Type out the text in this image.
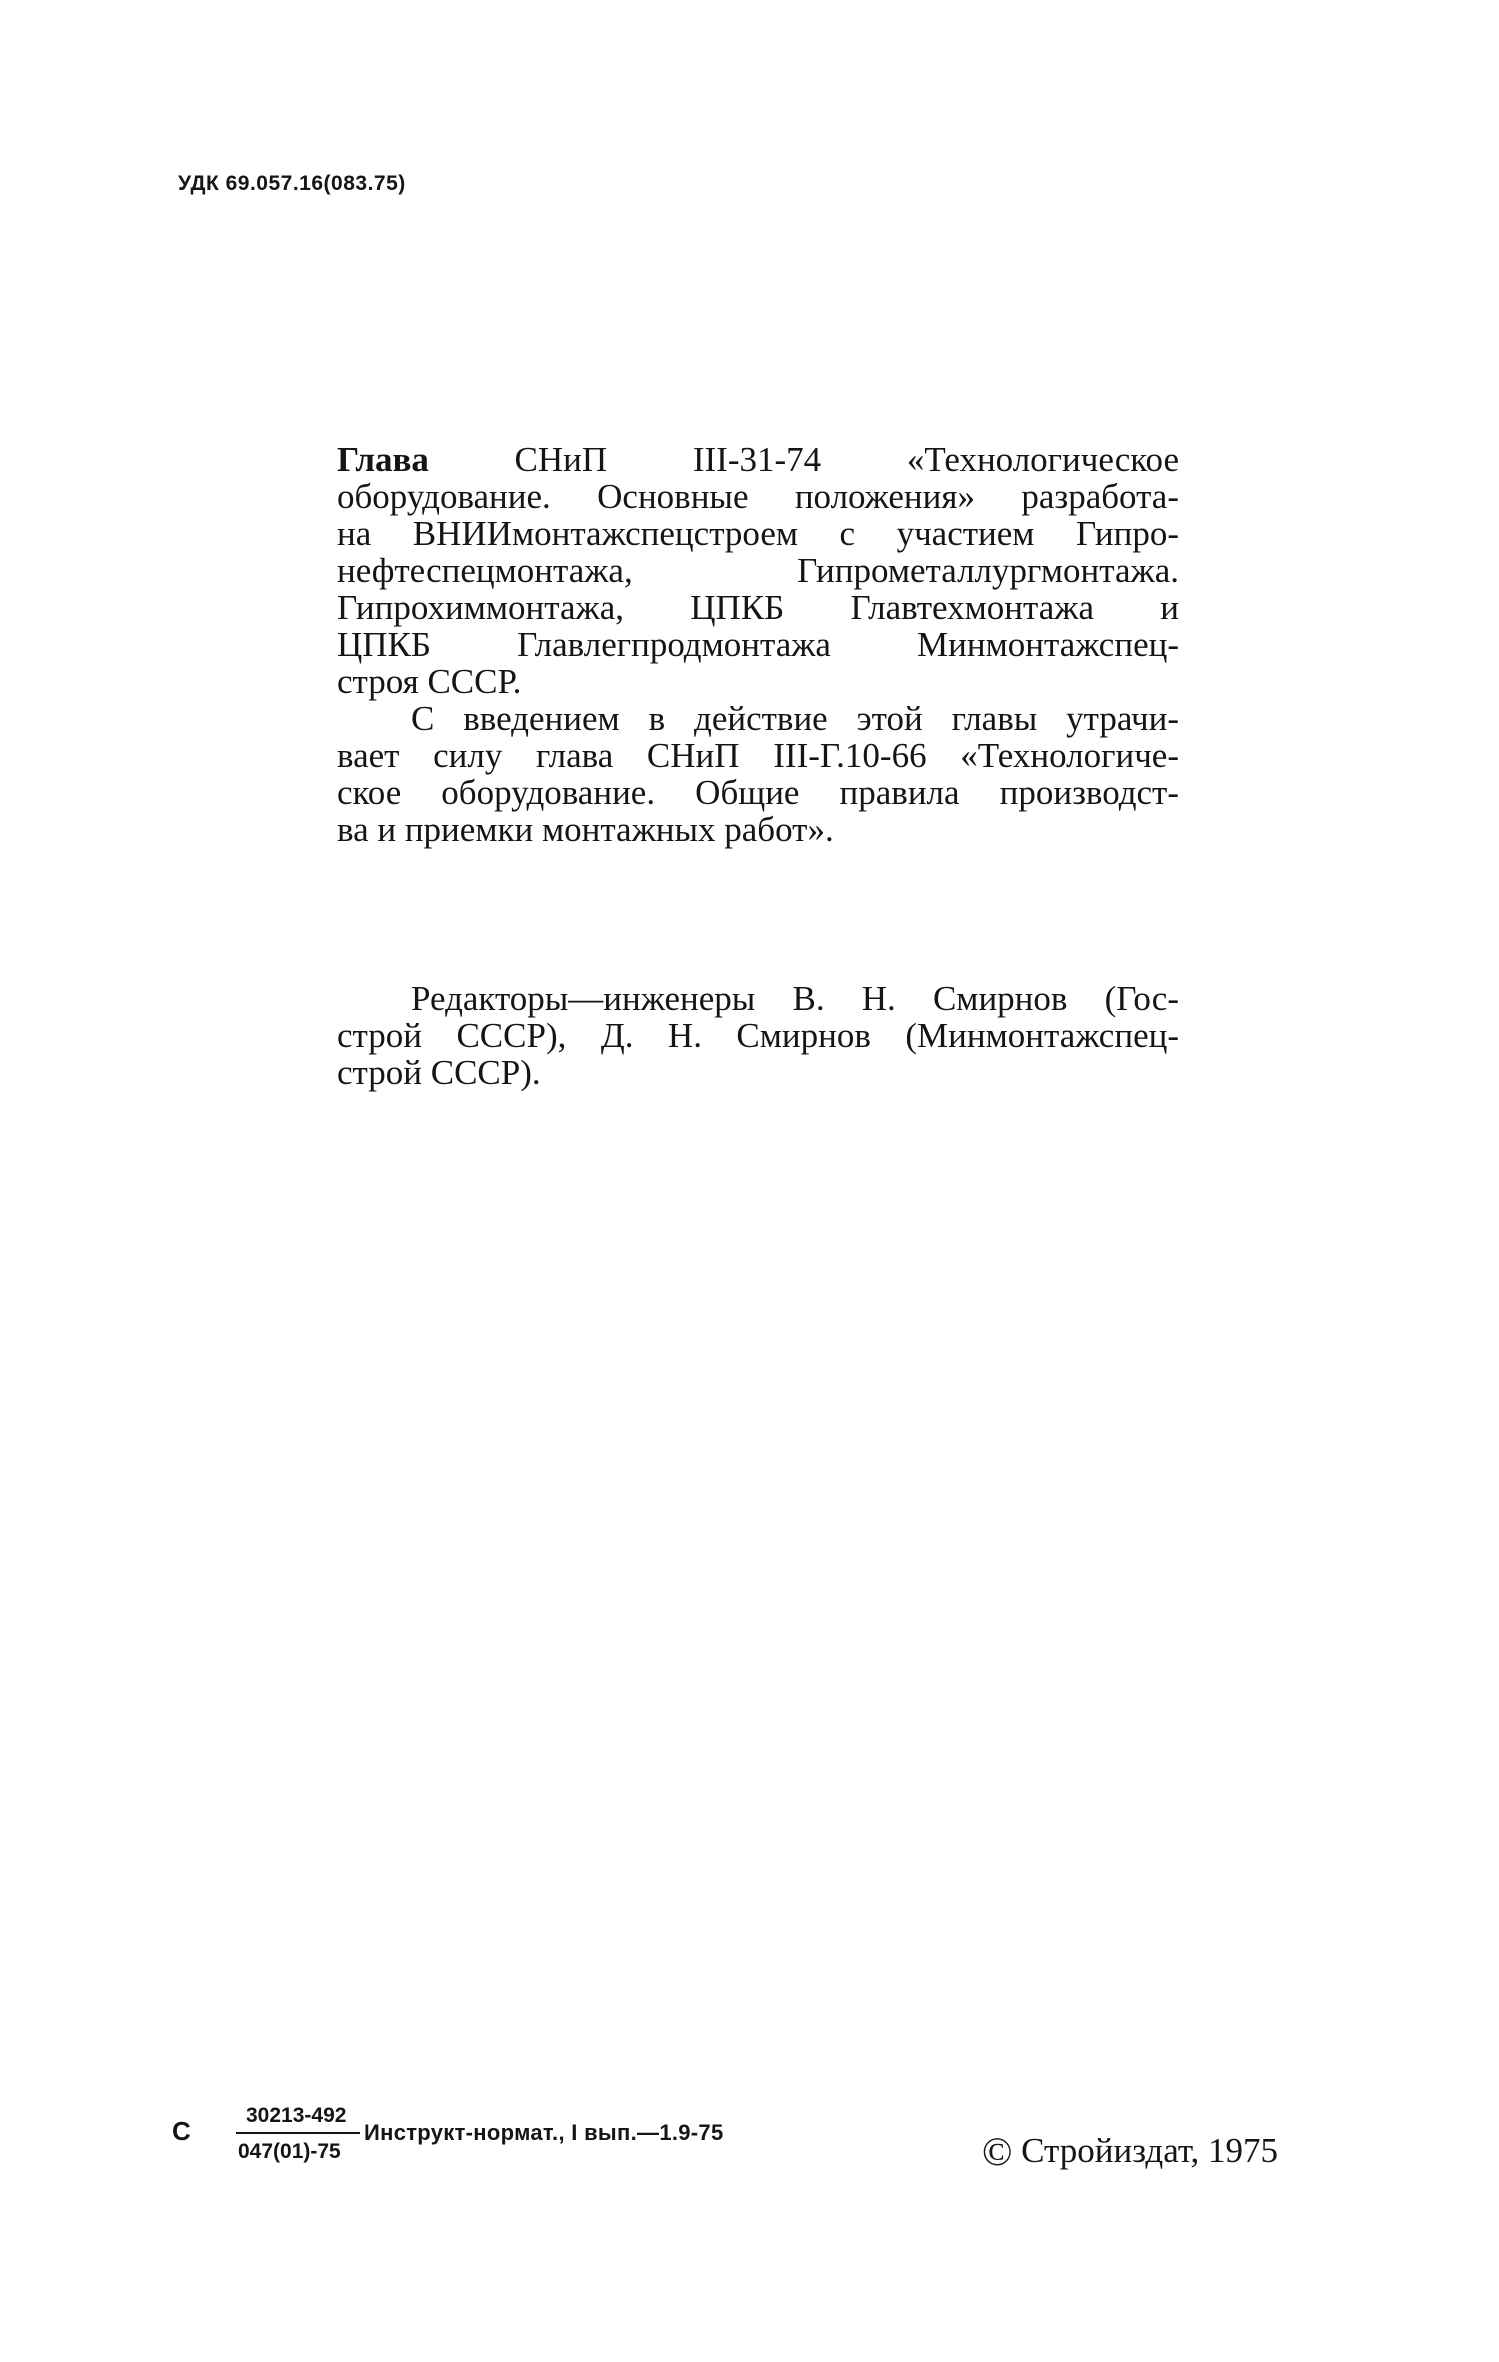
УДК 69.057.16(083.75)
Глава СНиП III-31-74 «Технологическое
оборудование. Основные положения» разработа-
на ВНИИмонтажспецстроем с участием Гипро-
нефтеспецмонтажа, Гипрометаллургмонтажа.
Гипрохиммонтажа, ЦПКБ Главтехмонтажа и
ЦПКБ Главлегпродмонтажа Минмонтажспец-
строя СССР.
С введением в действие этой главы утрачи-
вает силу глава СНиП III-Г.10-66 «Технологиче-
ское оборудование. Общие правила производст-
ва и приемки монтажных работ».
Редакторы—инженеры В. Н. Смирнов (Гос-
строй СССР), Д. Н. Смирнов (Минмонтажспец-
строй СССР).
С
30213-492
047(01)-75
Инструкт-нормат., I вып.—1.9-75	© Стройиздат, 1975
